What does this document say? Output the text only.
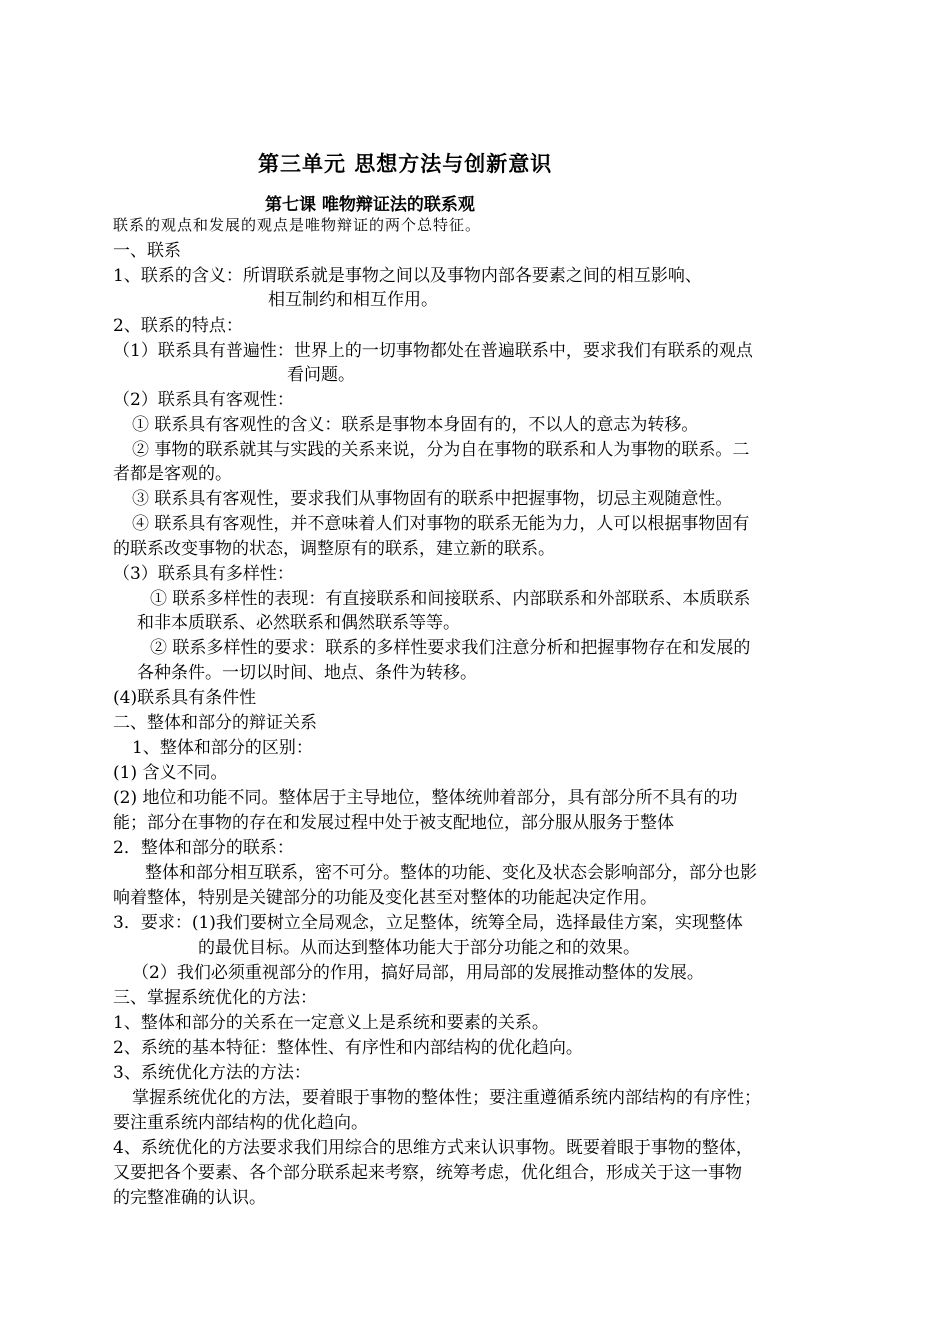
第三单元 思想方法与创新意识
第七课 唯物辩证法的联系观
联系的观点和发展的观点是唯物辩证的两个总特征。
一、联系
1、联系的含义：所谓联系就是事物之间以及事物内部各要素之间的相互影响、
相互制约和相互作用。
2、联系的特点：
（1）联系具有普遍性：世界上的一切事物都处在普遍联系中，要求我们有联系的观点
看问题。
（2）联系具有客观性：
① 联系具有客观性的含义：联系是事物本身固有的，不以人的意志为转移。
② 事物的联系就其与实践的关系来说，分为自在事物的联系和人为事物的联系。二
者都是客观的。
③ 联系具有客观性，要求我们从事物固有的联系中把握事物，切忌主观随意性。
④ 联系具有客观性，并不意味着人们对事物的联系无能为力，人可以根据事物固有
的联系改变事物的状态，调整原有的联系，建立新的联系。
（3）联系具有多样性：
① 联系多样性的表现：有直接联系和间接联系、内部联系和外部联系、本质联系
和非本质联系、必然联系和偶然联系等等。
② 联系多样性的要求：联系的多样性要求我们注意分析和把握事物存在和发展的
各种条件。一切以时间、地点、条件为转移。
(4)联系具有条件性
二、整体和部分的辩证关系
1、整体和部分的区别：
(1) 含义不同。
(2) 地位和功能不同。整体居于主导地位，整体统帅着部分，具有部分所不具有的功
能；部分在事物的存在和发展过程中处于被支配地位，部分服从服务于整体
2．整体和部分的联系：
整体和部分相互联系，密不可分。整体的功能、变化及状态会影响部分，部分也影
响着整体，特别是关键部分的功能及变化甚至对整体的功能起决定作用。
3．要求：(1)我们要树立全局观念，立足整体，统筹全局，选择最佳方案，实现整体
的最优目标。从而达到整体功能大于部分功能之和的效果。
（2）我们必须重视部分的作用，搞好局部，用局部的发展推动整体的发展。
三、掌握系统优化的方法：
1、整体和部分的关系在一定意义上是系统和要素的关系。
2、系统的基本特征：整体性、有序性和内部结构的优化趋向。
3、系统优化方法的方法：
掌握系统优化的方法，要着眼于事物的整体性；要注重遵循系统内部结构的有序性；
要注重系统内部结构的优化趋向。
4、系统优化的方法要求我们用综合的思维方式来认识事物。既要着眼于事物的整体，
又要把各个要素、各个部分联系起来考察，统筹考虑，优化组合，形成关于这一事物
的完整准确的认识。
